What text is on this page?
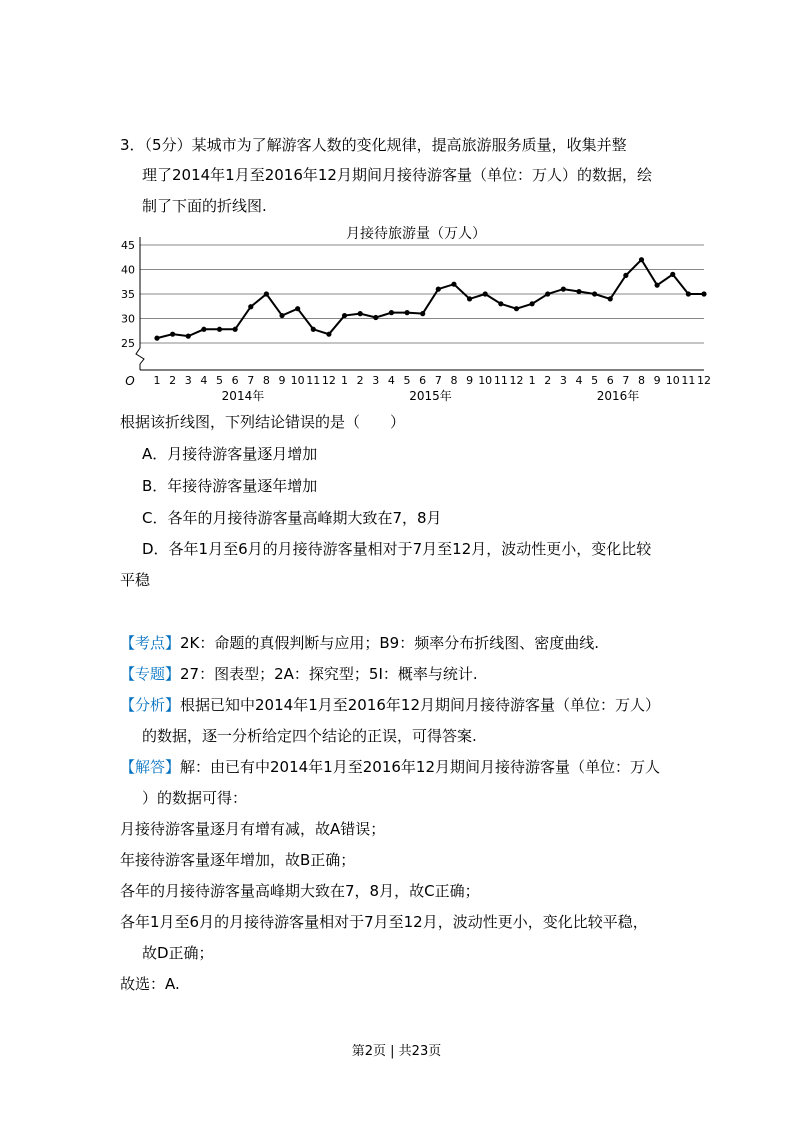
3．（5分）某城市为了解游客人数的变化规律，提高旅游服务质量，收集并整
理了2014年1月至2016年12月期间月接待游客量（单位：万人）的数据，绘
制了下面的折线图.
月接待旅游量（万人）
45
40
35
30
25
O 1 2 3 4 5 6 7 8 9 10 11 12 1 2 3 4 5 6 7 8 9 10 11 12 1 2 3 4 5 6 7 8 9 10 11 12
2014年	2015年	2016年
根据该折线图，下列结论错误的是（　　）
A．月接待游客量逐月增加
B．年接待游客量逐年增加
C．各年的月接待游客量高峰期大致在7，8月
D．各年1月至6月的月接待游客量相对于7月至12月，波动性更小，变化比较
平稳
【考点】2K：命题的真假判断与应用；B9：频率分布折线图、密度曲线.
【专题】27：图表型；2A：探究型；5I：概率与统计.
【分析】根据已知中2014年1月至2016年12月期间月接待游客量（单位：万人）
的数据，逐一分析给定四个结论的正误，可得答案.
【解答】解：由已有中2014年1月至2016年12月期间月接待游客量（单位：万人
）的数据可得：
月接待游客量逐月有增有减，故A错误；
年接待游客量逐年增加，故B正确；
各年的月接待游客量高峰期大致在7，8月，故C正确；
各年1月至6月的月接待游客量相对于7月至12月，波动性更小，变化比较平稳，
故D正确；
故选：A.
第2页 | 共23页
